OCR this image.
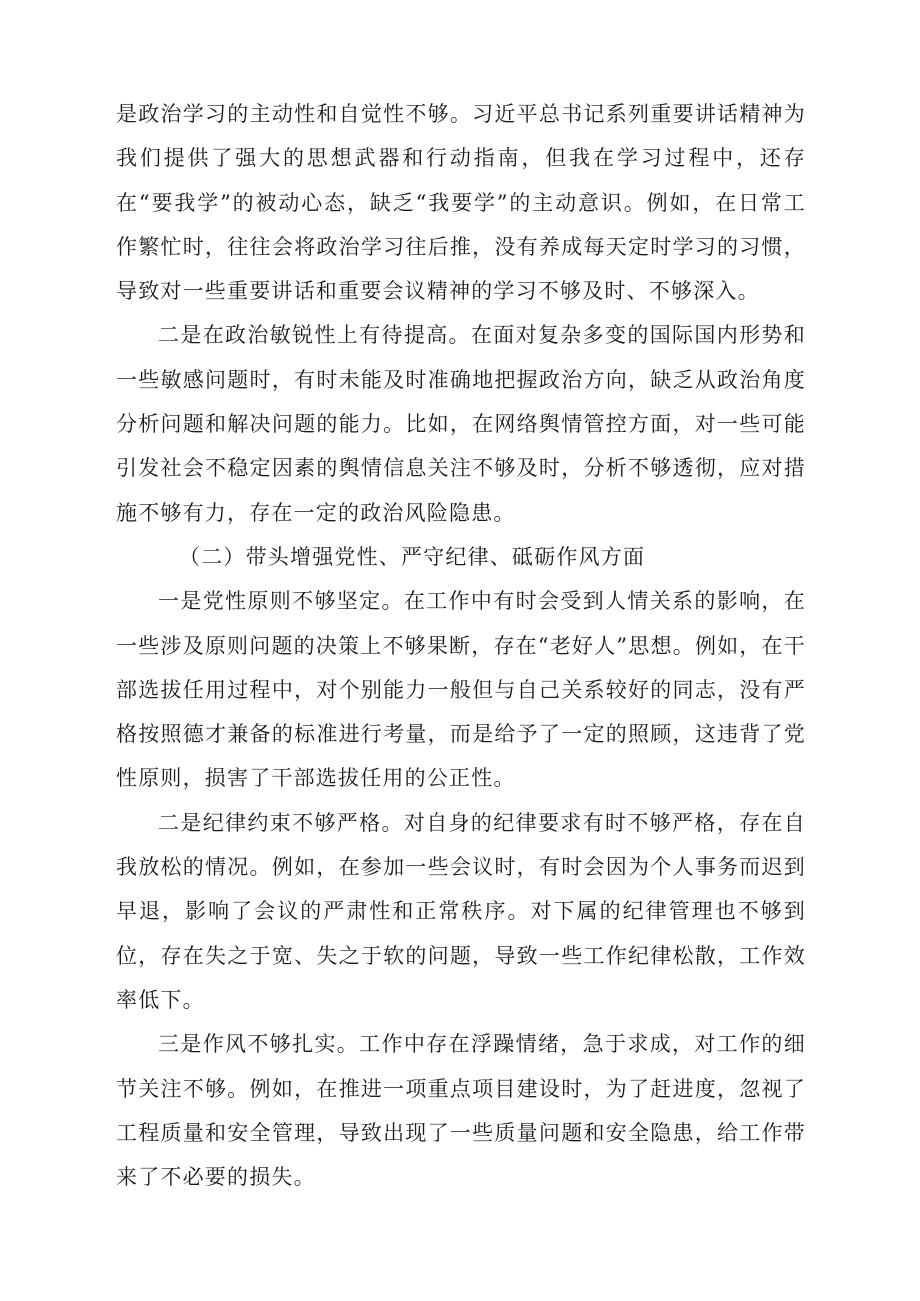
是政治学习的主动性和自觉性不够。习近平总书记系列重要讲话精神为我们提供了强大的思想武器和行动指南，但我在学习过程中，还存在“要我学”的被动心态，缺乏“我要学”的主动意识。例如，在日常工作繁忙时，往往会将政治学习往后推，没有养成每天定时学习的习惯，导致对一些重要讲话和重要会议精神的学习不够及时、不够深入。

二是在政治敏锐性上有待提高。在面对复杂多变的国际国内形势和一些敏感问题时，有时未能及时准确地把握政治方向，缺乏从政治角度分析问题和解决问题的能力。比如，在网络舆情管控方面，对一些可能引发社会不稳定因素的舆情信息关注不够及时，分析不够透彻，应对措施不够有力，存在一定的政治风险隐患。

（二）带头增强党性、严守纪律、砥砺作风方面

一是党性原则不够坚定。在工作中有时会受到人情关系的影响，在一些涉及原则问题的决策上不够果断，存在“老好人”思想。例如，在干部选拔任用过程中，对个别能力一般但与自己关系较好的同志，没有严格按照德才兼备的标准进行考量，而是给予了一定的照顾，这违背了党性原则，损害了干部选拔任用的公正性。

二是纪律约束不够严格。对自身的纪律要求有时不够严格，存在自我放松的情况。例如，在参加一些会议时，有时会因为个人事务而迟到早退，影响了会议的严肃性和正常秩序。对下属的纪律管理也不够到位，存在失之于宽、失之于软的问题，导致一些工作纪律松散，工作效率低下。

三是作风不够扎实。工作中存在浮躁情绪，急于求成，对工作的细节关注不够。例如，在推进一项重点项目建设时，为了赶进度，忽视了工程质量和安全管理，导致出现了一些质量问题和安全隐患，给工作带来了不必要的损失。
